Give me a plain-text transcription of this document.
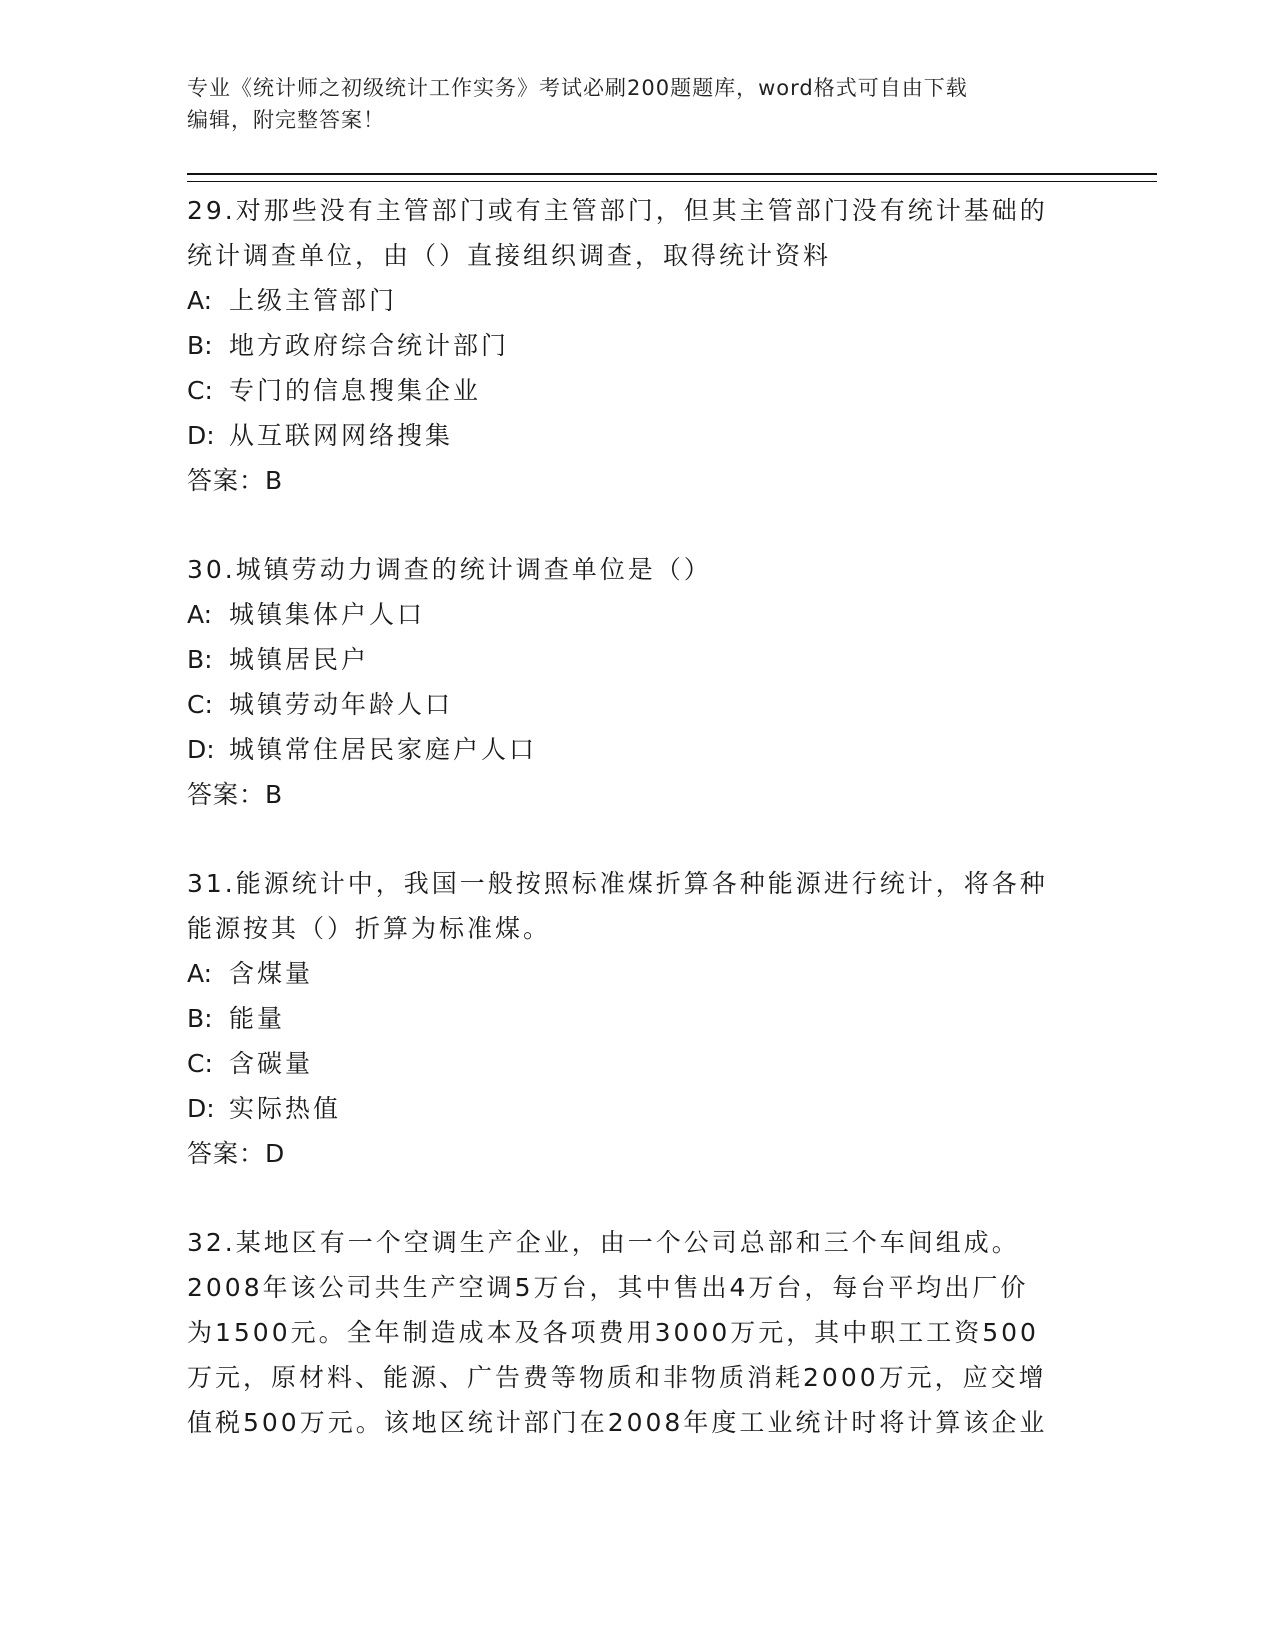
专业《统计师之初级统计工作实务》考试必刷200题题库，word格式可自由下载
编辑，附完整答案！

29.对那些没有主管部门或有主管部门，但其主管部门没有统计基础的

统计调查单位，由（）直接组织调查，取得统计资料

A: 上级主管部门

B: 地方政府综合统计部门

C: 专门的信息搜集企业

D: 从互联网网络搜集

答案：B

30.城镇劳动力调查的统计调查单位是（）

A: 城镇集体户人口

B: 城镇居民户

C: 城镇劳动年龄人口

D: 城镇常住居民家庭户人口

答案：B

31.能源统计中，我国一般按照标准煤折算各种能源进行统计，将各种

能源按其（）折算为标准煤。

A: 含煤量

B: 能量

C: 含碳量

D: 实际热值

答案：D

32.某地区有一个空调生产企业，由一个公司总部和三个车间组成。

2008年该公司共生产空调5万台，其中售出4万台，每台平均出厂价

为1500元。全年制造成本及各项费用3000万元，其中职工工资500

万元，原材料、能源、广告费等物质和非物质消耗2000万元，应交增

值税500万元。该地区统计部门在2008年度工业统计时将计算该企业
